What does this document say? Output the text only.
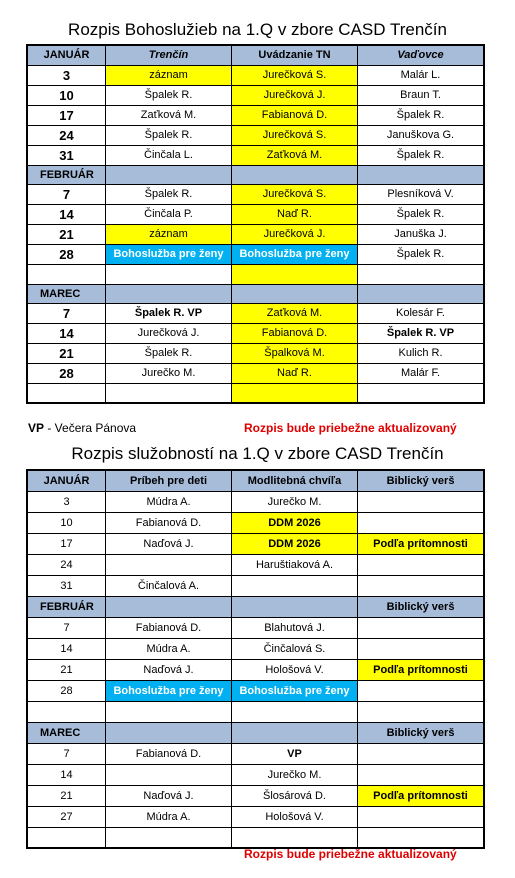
Rozpis Bohoslužieb na 1.Q v zbore CASD Trenčín
JANUÁR	Trenčín	Uvádzanie TN	Vaďovce
3	záznam	Jurečková S.	Malár L.
10	Špalek R.	Jurečková J.	Braun T.
17	Zaťková M.	Fabianová D.	Špalek R.
24	Špalek R.	Jurečková S.	Januškova G.
31	Činčala L.	Zaťková M.	Špalek R.
FEBRUÁR			
7	Špalek R.	Jurečková S.	Plesníková V.
14	Činčala P.	Naď R.	Špalek R.
21	záznam	Jurečková J.	Januška J.
28	Bohoslužba pre ženy	Bohoslužba pre ženy	Špalek R.

MAREC			
7	Špalek R. VP	Zaťková M.	Kolesár F.
14	Jurečková J.	Fabianová D.	Špalek R. VP
21	Špalek R.	Špalková M.	Kulich R.
28	Jurečko M.	Naď R.	Malár F.

VP - Večera Pánova	Rozpis bude priebežne aktualizovaný
Rozpis služobností na 1.Q v zbore CASD Trenčín
JANUÁR	Príbeh pre deti	Modlitebná chvíľa	Biblický verš
3	Múdra A.	Jurečko M.	
10	Fabianová D.	DDM 2026	
17	Naďová J.	DDM 2026	Podľa prítomnosti
24		Haruštiaková A.	
31	Činčalová A.		
FEBRUÁR			Biblický verš
7	Fabianová D.	Blahutová J.	
14	Múdra A.	Činčalová S.	
21	Naďová J.	Hološová V.	Podľa prítomnosti
28	Bohoslužba pre ženy	Bohoslužba pre ženy	

MAREC			Biblický verš
7	Fabianová D.	VP	
14		Jurečko M.	
21	Naďová J.	Šlosárová D.	Podľa prítomnosti
27	Múdra A.	Hološová V.	

Rozpis bude priebežne aktualizovaný
